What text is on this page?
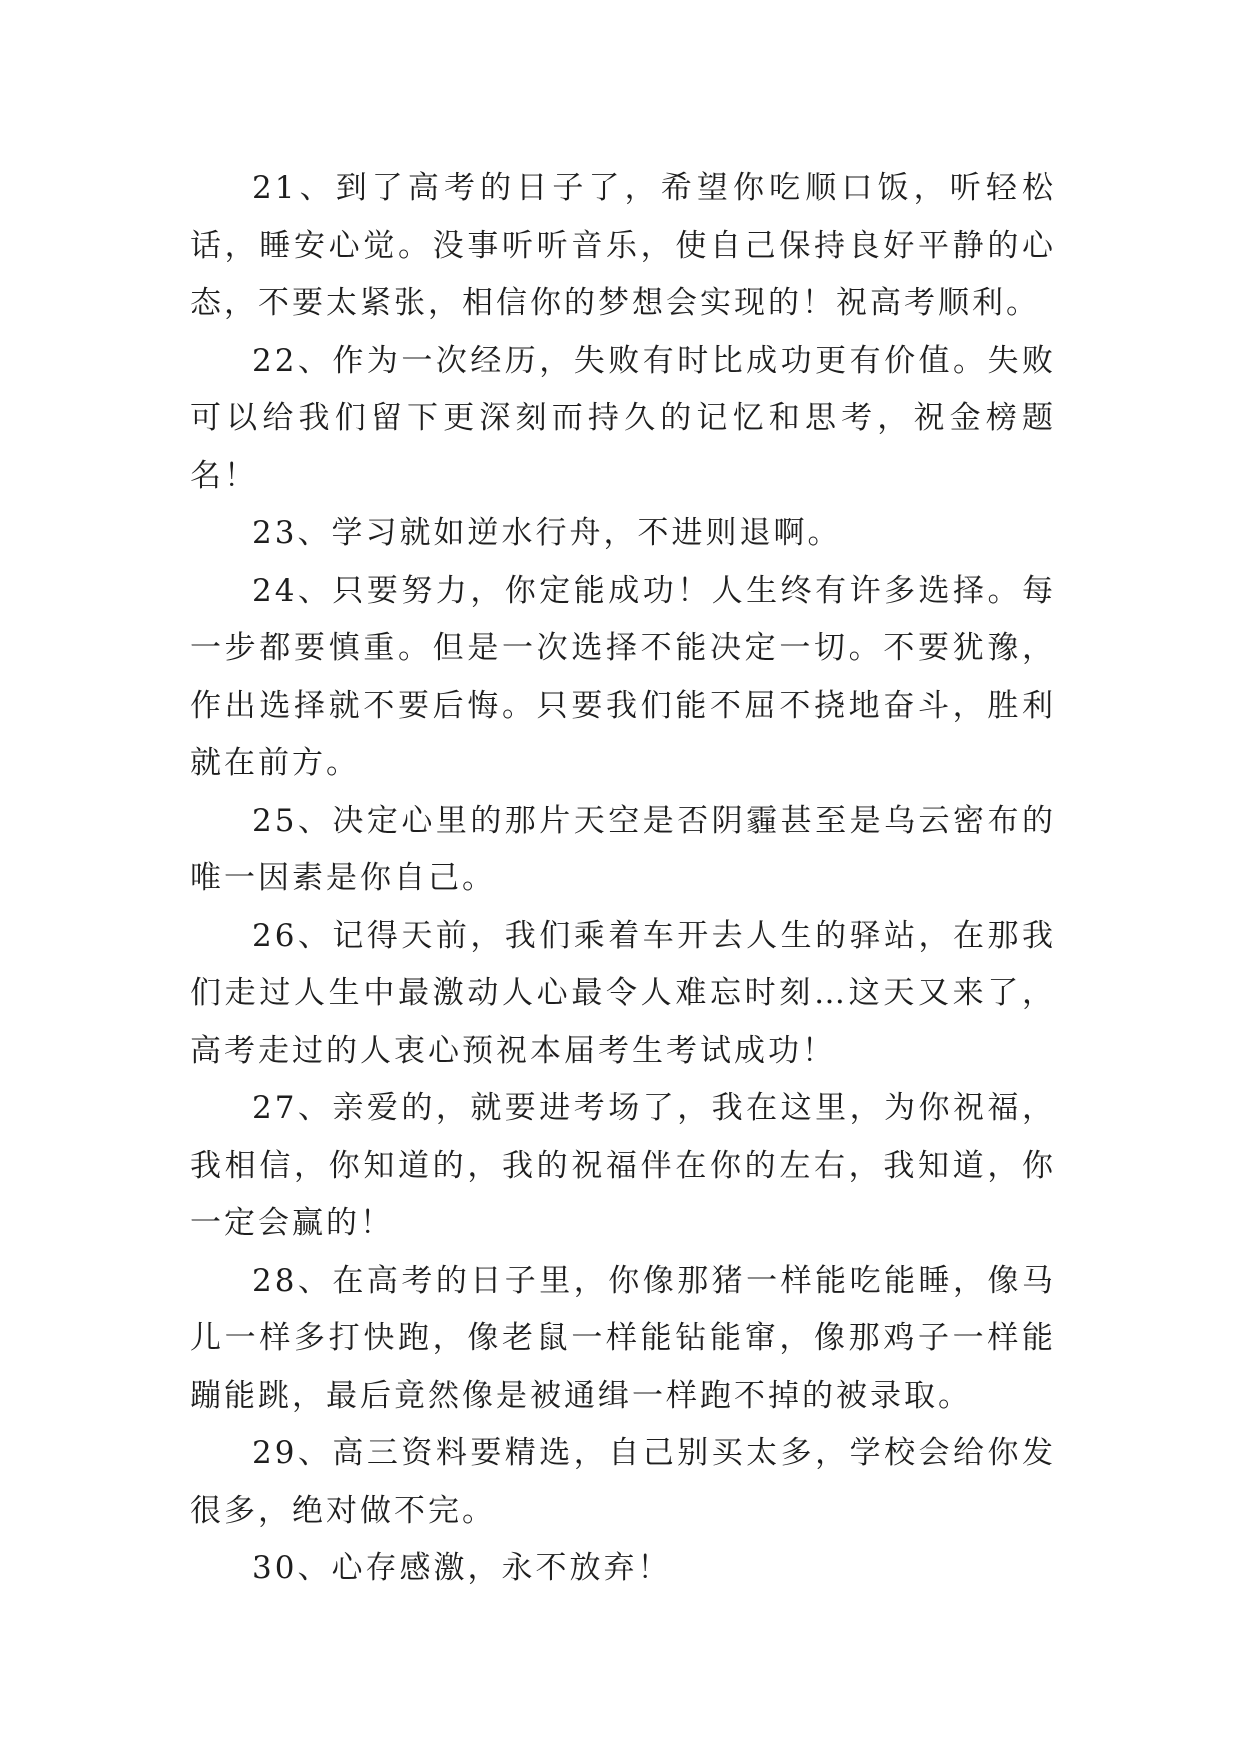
21、到了高考的日子了，希望你吃顺口饭，听轻松话，睡安心觉。没事听听音乐，使自己保持良好平静的心态，不要太紧张，相信你的梦想会实现的！祝高考顺利。

22、作为一次经历，失败有时比成功更有价值。失败可以给我们留下更深刻而持久的记忆和思考，祝金榜题名！

23、学习就如逆水行舟，不进则退啊。

24、只要努力，你定能成功！人生终有许多选择。每一步都要慎重。但是一次选择不能决定一切。不要犹豫，作出选择就不要后悔。只要我们能不屈不挠地奋斗，胜利就在前方。

25、决定心里的那片天空是否阴霾甚至是乌云密布的唯一因素是你自己。

26、记得天前，我们乘着车开去人生的驿站，在那我们走过人生中最激动人心最令人难忘时刻…这天又来了，高考走过的人衷心预祝本届考生考试成功！

27、亲爱的，就要进考场了，我在这里，为你祝福，我相信，你知道的，我的祝福伴在你的左右，我知道，你一定会赢的！

28、在高考的日子里，你像那猪一样能吃能睡，像马儿一样多打快跑，像老鼠一样能钻能窜，像那鸡子一样能蹦能跳，最后竟然像是被通缉一样跑不掉的被录取。

29、高三资料要精选，自己别买太多，学校会给你发很多，绝对做不完。

30、心存感激，永不放弃！
